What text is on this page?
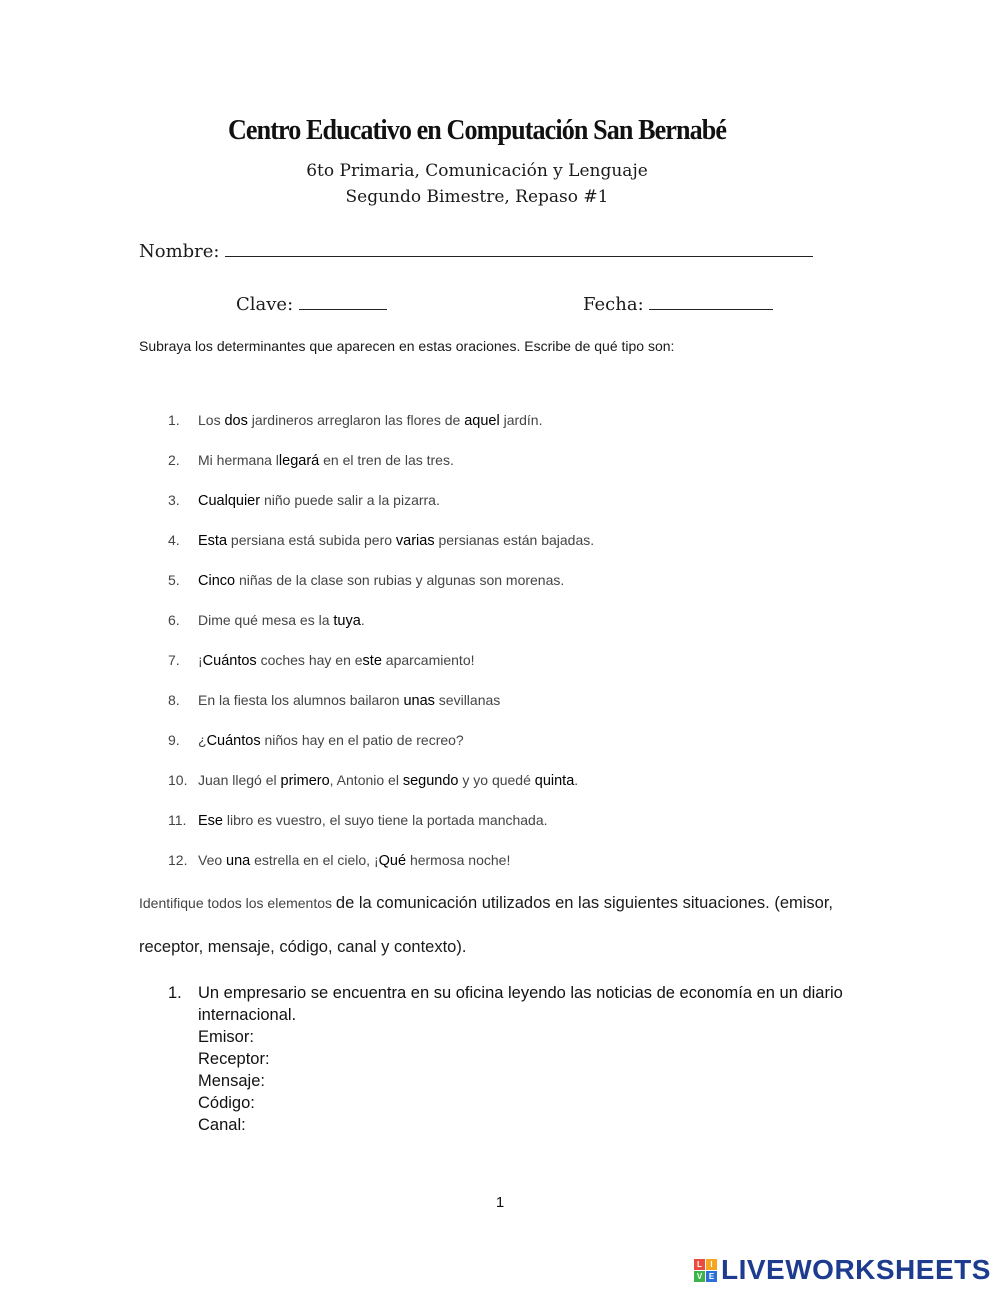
Centro Educativo en Computación San Bernabé
6to Primaria, Comunicación y Lenguaje
Segundo Bimestre, Repaso #1
Nombre:
Clave:	Fecha:
Subraya los determinantes que aparecen en estas oraciones. Escribe de qué tipo son:
1.	Los dos jardineros arreglaron las flores de aquel jardín.
2.	Mi hermana llegará en el tren de las tres.
3.	Cualquier niño puede salir a la pizarra.
4.	Esta persiana está subida pero varias persianas están bajadas.
5.	Cinco niñas de la clase son rubias y algunas son morenas.
6.	Dime qué mesa es la tuya.
7.	¡Cuántos coches hay en este aparcamiento!
8.	En la fiesta los alumnos bailaron unas sevillanas
9.	¿Cuántos niños hay en el patio de recreo?
10. Juan llegó el primero, Antonio el segundo y yo quedé quinta.
11. Ese libro es vuestro, el suyo tiene la portada manchada.
12. Veo una estrella en el cielo, ¡Qué hermosa noche!
Identifique todos los elementos de la comunicación utilizados en las siguientes situaciones. (emisor,
receptor, mensaje, código, canal y contexto).
1. Un empresario se encuentra en su oficina leyendo las noticias de economía en un diario internacional.
Emisor:
Receptor:
Mensaje:
Código:
Canal:
1
L	I
V E LIVEWORKSHEETS
